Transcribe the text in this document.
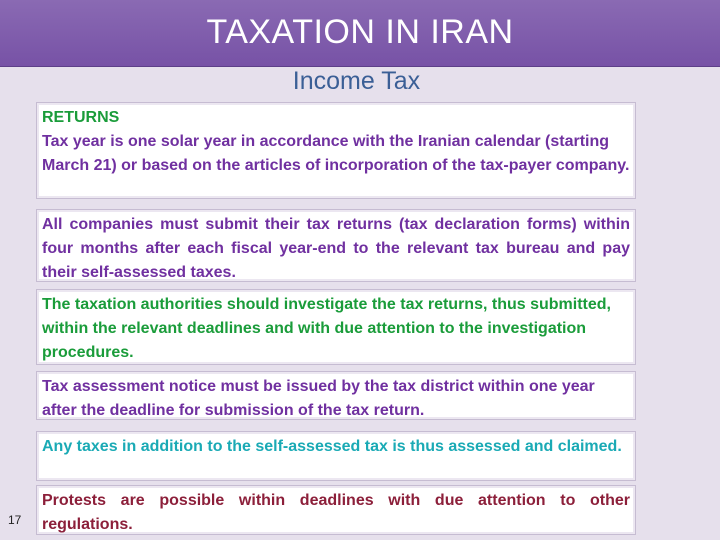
TAXATION IN IRAN
Income Tax
RETURNS
Tax year is one solar year in accordance with the Iranian calendar (starting March 21) or based on the articles of incorporation of the tax-payer company.
All companies must submit their tax returns (tax declaration forms) within four months after each fiscal year-end to the relevant tax bureau and pay their self-assessed taxes.
The taxation authorities should investigate the tax returns, thus submitted, within the relevant deadlines and with due attention to the investigation procedures.
Tax assessment notice must be issued by the tax district within one year after the deadline for submission of the tax return.
Any taxes in addition to the self-assessed tax is thus assessed and claimed.
Protests are possible within deadlines with due attention to other regulations.
17
